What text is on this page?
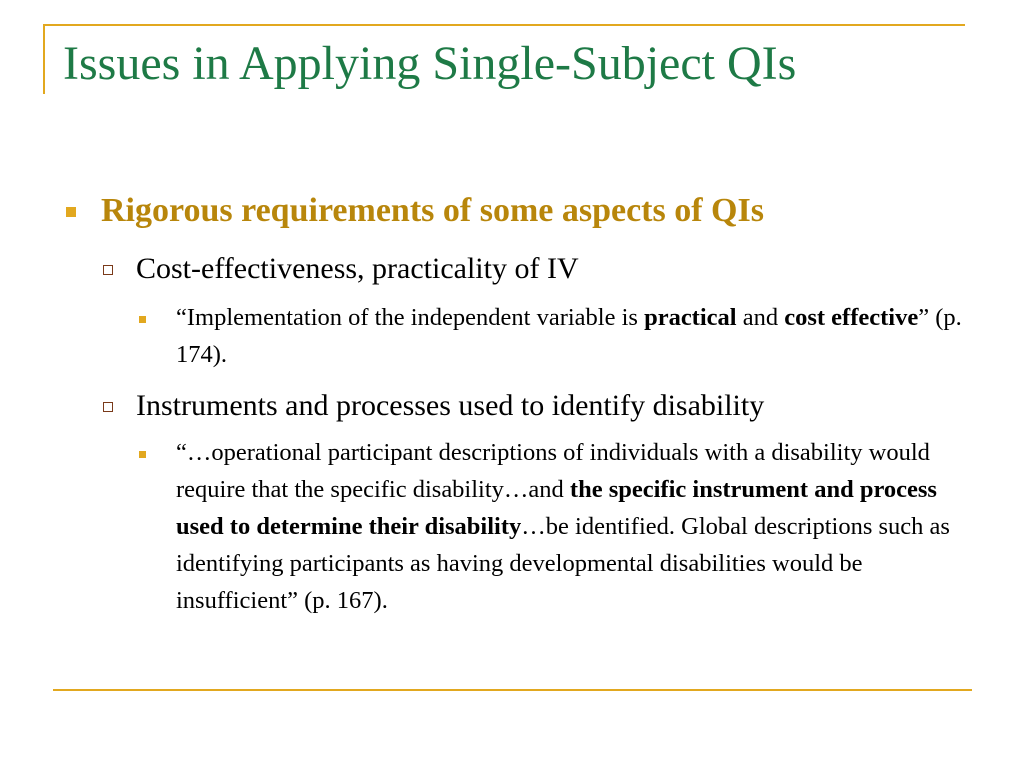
Issues in Applying Single-Subject QIs
Rigorous requirements of some aspects of QIs
Cost-effectiveness, practicality of IV
“Implementation of the independent variable is practical and cost effective” (p. 174).
Instruments and processes used to identify disability
“…operational participant descriptions of individuals with a disability would require that the specific disability…and the specific instrument and process used to determine their disability…be identified. Global descriptions such as identifying participants as having developmental disabilities would be insufficient” (p. 167).
